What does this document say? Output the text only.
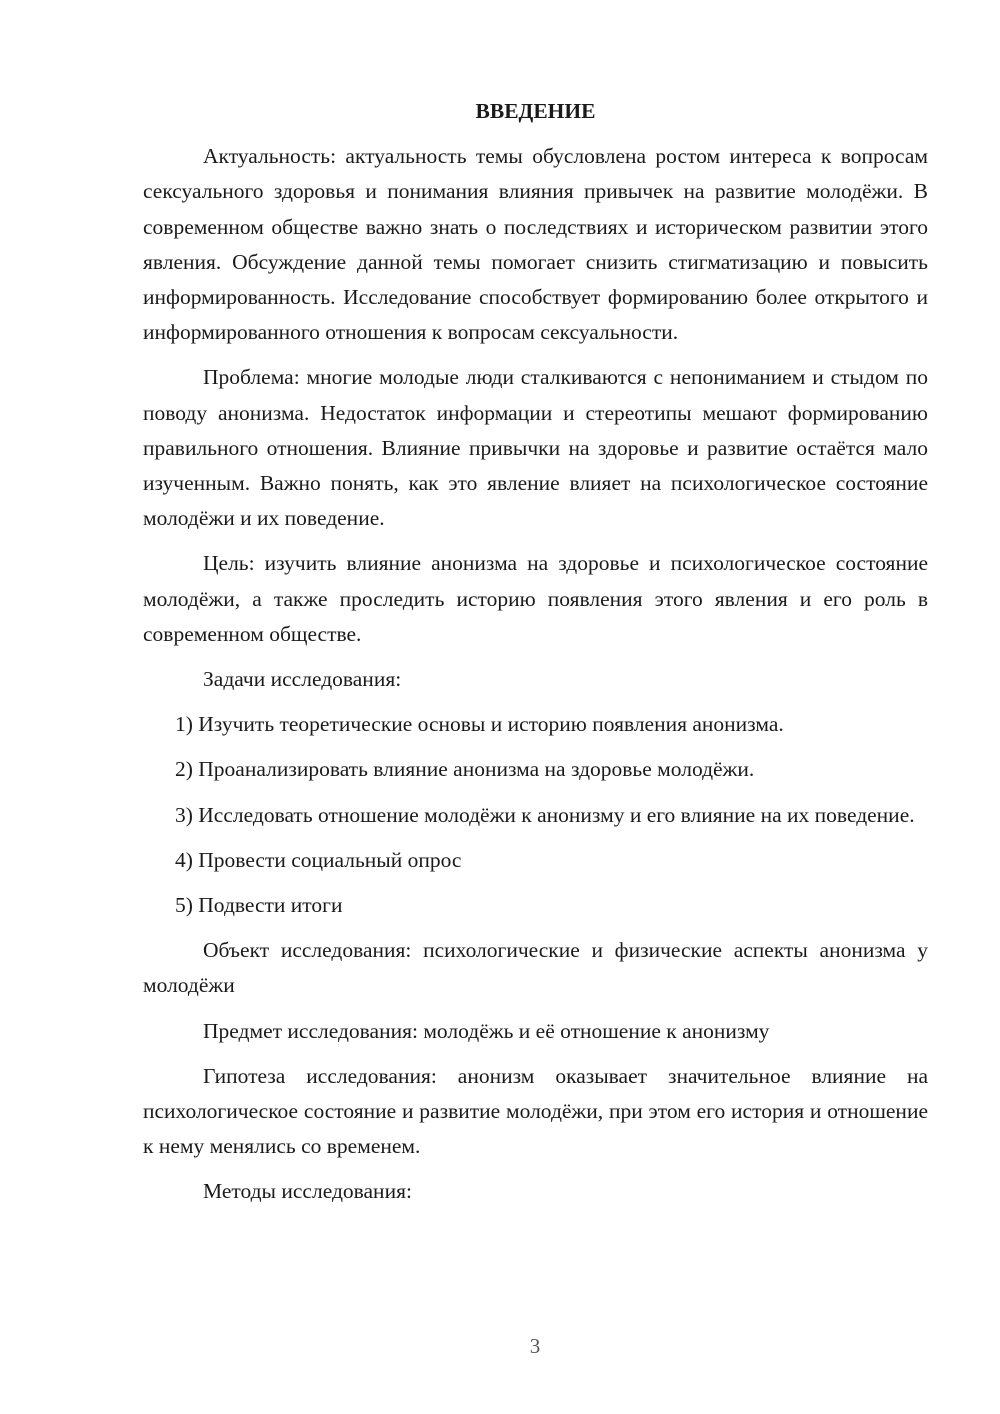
ВВЕДЕНИЕ

Актуальность: актуальность темы обусловлена ростом интереса к вопросам сексуального здоровья и понимания влияния привычек на развитие молодёжи. В современном обществе важно знать о последствиях и историческом развитии этого явления. Обсуждение данной темы помогает снизить стигматизацию и повысить информированность. Исследование способствует формированию более открытого и информированного отношения к вопросам сексуальности.

Проблема: многие молодые люди сталкиваются с непониманием и стыдом по поводу анонизма. Недостаток информации и стереотипы мешают формированию правильного отношения. Влияние привычки на здоровье и развитие остаётся мало изученным. Важно понять, как это явление влияет на психологическое состояние молодёжи и их поведение.

Цель: изучить влияние анонизма на здоровье и психологическое состояние молодёжи, а также проследить историю появления этого явления и его роль в современном обществе.

Задачи исследования:

1) Изучить теоретические основы и историю появления анонизма.

2) Проанализировать влияние анонизма на здоровье молодёжи.

3) Исследовать отношение молодёжи к анонизму и его влияние на их поведение.

4) Провести социальный опрос

5) Подвести итоги

Объект исследования: психологические и физические аспекты анонизма у молодёжи

Предмет исследования: молодёжь и её отношение к анонизму

Гипотеза исследования: анонизм оказывает значительное влияние на психологическое состояние и развитие молодёжи, при этом его история и отношение к нему менялись со временем.

Методы исследования:

3
